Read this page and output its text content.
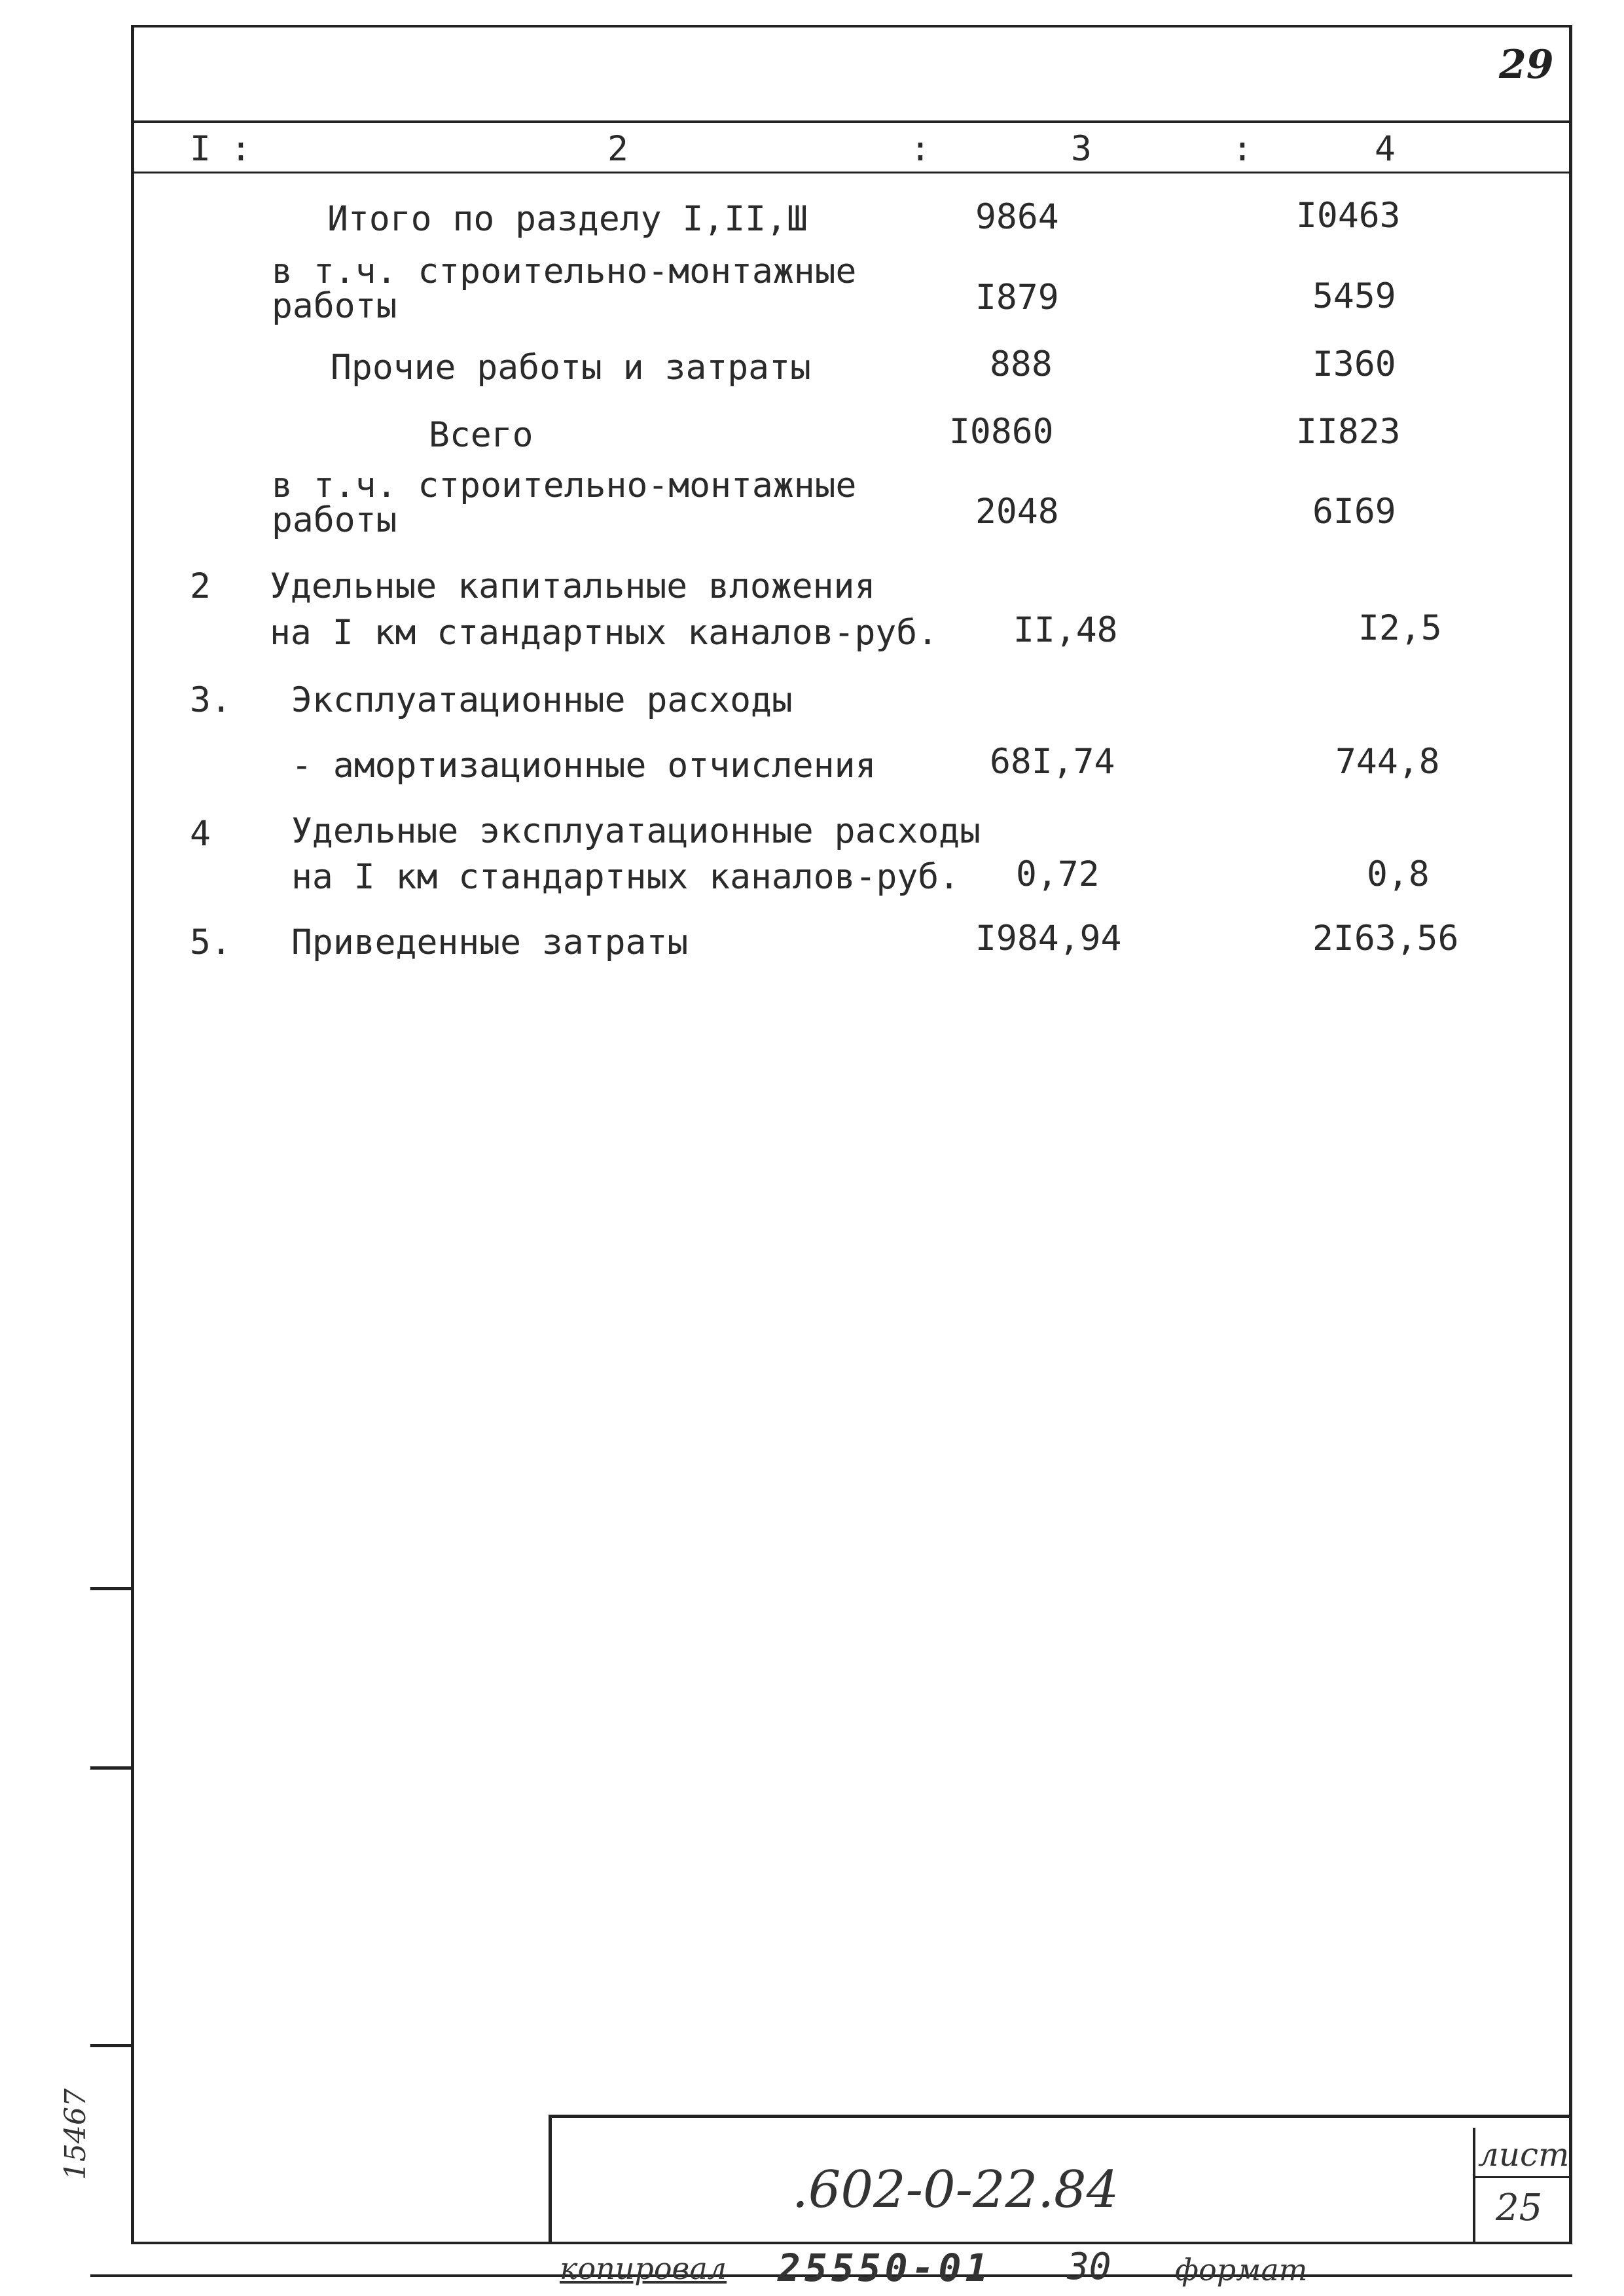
15467
29
I :	2	:	3	:	4
Итого по разделу I,II,Ш	9864	I0463
в т.ч. строительно-монтажные
работы	I879	5459
Прочие работы и затраты	888	I360
Всего	I0860	II823
в т.ч. строительно-монтажные
работы	2048	6I69
2 Удельные капитальные вложения
на I км стандартных каналов-руб. II,48	I2,5
3. Эксплуатационные расходы
- амортизационные отчисления	68I,74	744,8
4 Удельные эксплуатационные расходы
на I км стандартных каналов-руб. 0,72	0,8
5. Приведенные затраты	I984,94	2I63,56
.602-0-22.84
лист
25
копировал 25550-01 30 формат
